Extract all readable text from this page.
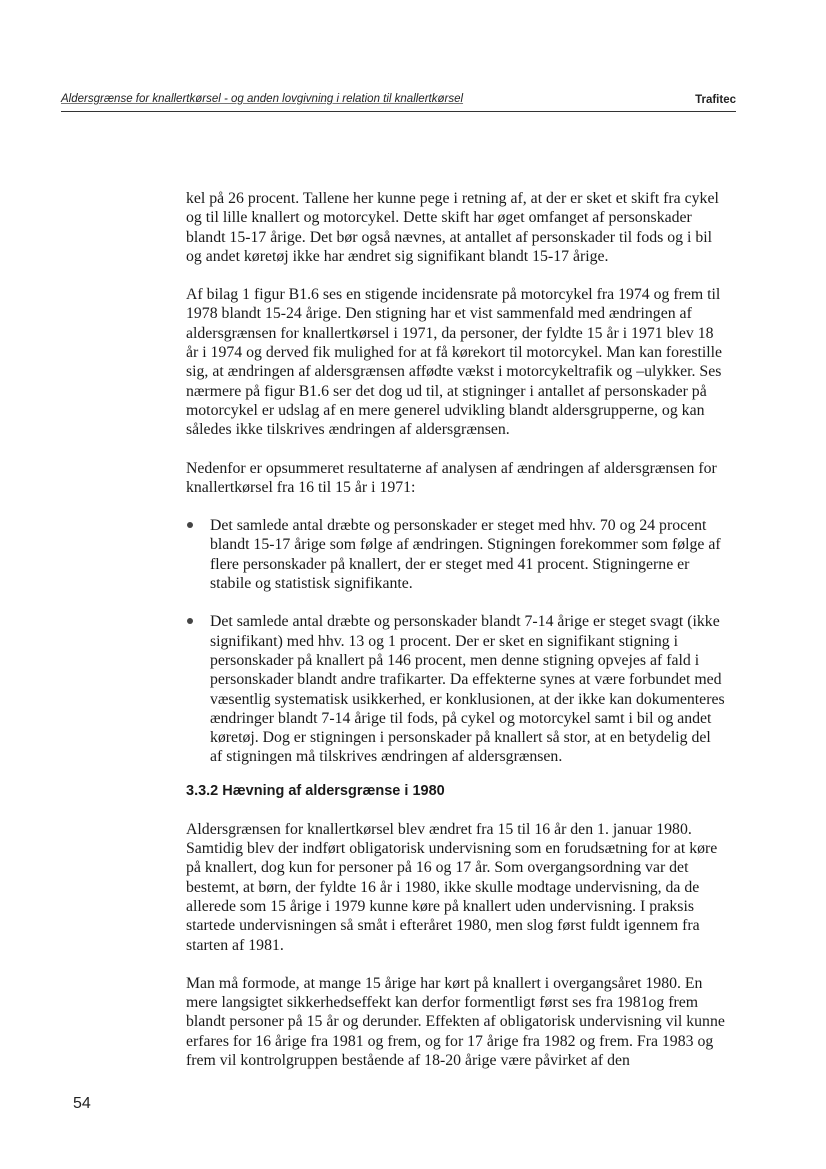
Aldersgrænse for knallertkørsel - og anden lovgivning i relation til knallertkørsel	Trafitec

kel på 26 procent. Tallene her kunne pege i retning af, at der er sket et skift fra cykel og til lille knallert og motorcykel. Dette skift har øget omfanget af personskader blandt 15-17 årige. Det bør også nævnes, at antallet af personskader til fods og i bil og andet køretøj ikke har ændret sig signifikant blandt 15-17 årige.

Af bilag 1 figur B1.6 ses en stigende incidensrate på motorcykel fra 1974 og frem til 1978 blandt 15-24 årige. Den stigning har et vist sammenfald med ændringen af aldersgrænsen for knallertkørsel i 1971, da personer, der fyldte 15 år i 1971 blev 18 år i 1974 og derved fik mulighed for at få kørekort til motorcykel. Man kan forestille sig, at ændringen af aldersgrænsen affødte vækst i motorcykeltrafik og –ulykker. Ses nærmere på figur B1.6 ser det dog ud til, at stigninger i antallet af personskader på motorcykel er udslag af en mere generel udvikling blandt aldersgrupperne, og kan således ikke tilskrives ændringen af aldersgrænsen.

Nedenfor er opsummeret resultaterne af analysen af ændringen af aldersgrænsen for knallertkørsel fra 16 til 15 år i 1971:

Det samlede antal dræbte og personskader er steget med hhv. 70 og 24 procent blandt 15-17 årige som følge af ændringen. Stigningen forekommer som følge af flere personskader på knallert, der er steget med 41 procent. Stigningerne er stabile og statistisk signifikante.
Det samlede antal dræbte og personskader blandt 7-14 årige er steget svagt (ikke signifikant) med hhv. 13 og 1 procent. Der er sket en signifikant stigning i personskader på knallert på 146 procent, men denne stigning opvejes af fald i personskader blandt andre trafikarter. Da effekterne synes at være forbundet med væsentlig systematisk usikkerhed, er konklusionen, at der ikke kan dokumenteres ændringer blandt 7-14 årige til fods, på cykel og motorcykel samt i bil og andet køretøj. Dog er stigningen i personskader på knallert så stor, at en betydelig del af stigningen må tilskrives ændringen af aldersgrænsen.
3.3.2 Hævning af aldersgrænse i 1980

Aldersgrænsen for knallertkørsel blev ændret fra 15 til 16 år den 1. januar 1980. Samtidig blev der indført obligatorisk undervisning som en forudsætning for at køre på knallert, dog kun for personer på 16 og 17 år. Som overgangsordning var det bestemt, at børn, der fyldte 16 år i 1980, ikke skulle modtage undervisning, da de allerede som 15 årige i 1979 kunne køre på knallert uden undervisning. I praksis startede undervisningen så småt i efteråret 1980, men slog først fuldt igennem fra starten af 1981.

Man må formode, at mange 15 årige har kørt på knallert i overgangsåret 1980. En mere langsigtet sikkerhedseffekt kan derfor formentligt først ses fra 1981og frem blandt personer på 15 år og derunder. Effekten af obligatorisk undervisning vil kunne erfares for 16 årige fra 1981 og frem, og for 17 årige fra 1982 og frem. Fra 1983 og frem vil kontrolgruppen bestående af 18-20 årige være påvirket af den

54
